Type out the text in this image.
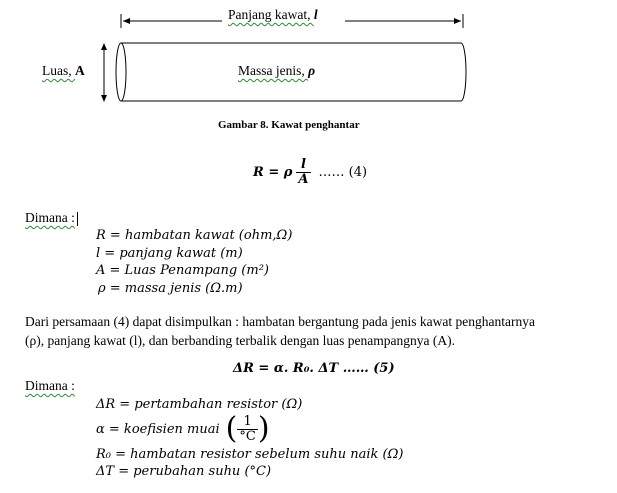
Panjang kawat, l
Luas, A	Massa jenis, ρ
Gambar 8. Kawat penghantar
R = ρ $\frac{l}{A}$ …… (4)
Dimana :
R = hambatan kawat (ohm,Ω)
l = panjang kawat (m)
A = Luas Penampang (m²)
ρ = massa jenis (Ω.m)
Dari persamaan (4) dapat disimpulkan : hambatan bergantung pada jenis kawat penghantarnya
(ρ), panjang kawat (l), dan berbanding terbalik dengan luas penampangnya (A).
ΔR = α. R₀. ΔT …… (5)
Dimana :
ΔR = pertambahan resistor (Ω)
α = koefisien muai ( $\frac{1}{^\circ C}$ )
R₀ = hambatan resistor sebelum suhu naik (Ω)
ΔT = perubahan suhu (°C)
